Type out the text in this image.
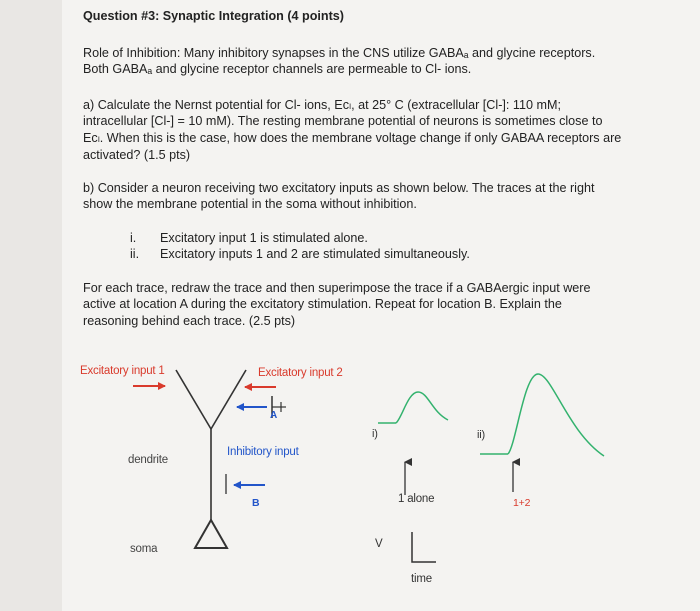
Question #3: Synaptic Integration (4 points)
Role of Inhibition: Many inhibitory synapses in the CNS utilize GABAₐ and glycine receptors.
Both GABAₐ and glycine receptor channels are permeable to Cl- ions.
a) Calculate the Nernst potential for Cl- ions, Eᴄₗ, at 25° C (extracellular [Cl-]: 110 mM;
intracellular [Cl-] = 10 mM). The resting membrane potential of neurons is sometimes close to
Eᴄₗ. When this is the case, how does the membrane voltage change if only GABAA receptors are
activated? (1.5 pts)
b) Consider a neuron receiving two excitatory inputs as shown below. The traces at the right
show the membrane potential in the soma without inhibition.
i. Excitatory input 1 is stimulated alone.
ii. Excitatory inputs 1 and 2 are stimulated simultaneously.
For each trace, redraw the trace and then superimpose the trace if a GABAergic input were
active at location A during the excitatory stimulation. Repeat for location B. Explain the
reasoning behind each trace. (2.5 pts)
Excitatory input 1	Excitatory input 2
A
dendrite
Inhibitory input
B
soma
i)	ii)
1 alone	1+2
V
time
